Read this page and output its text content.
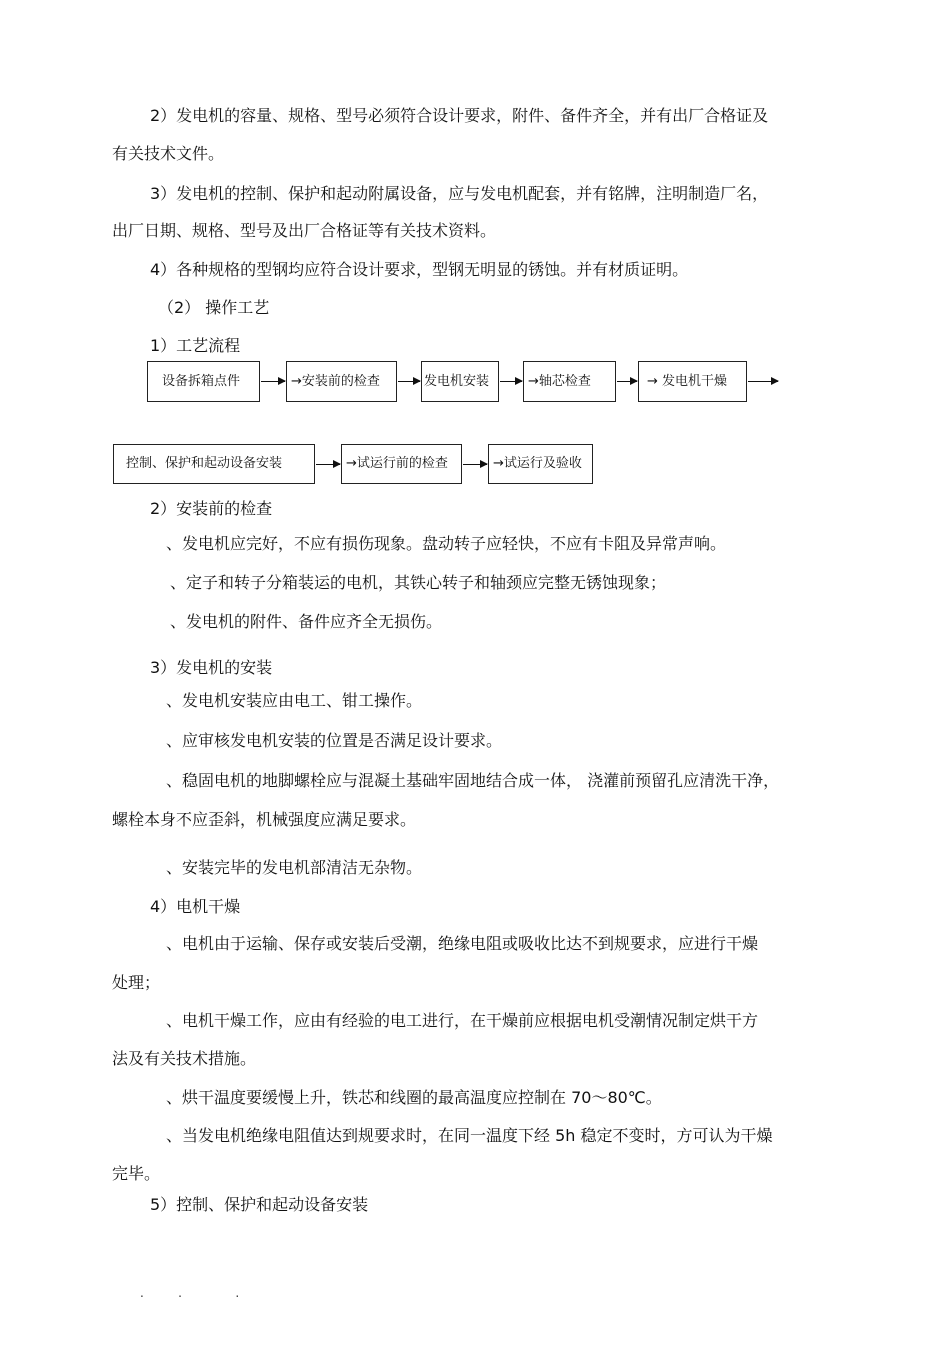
2）发电机的容量、规格、型号必须符合设计要求，附件、备件齐全，并有出厂合格证及
有关技术文件。
3）发电机的控制、保护和起动附属设备，应与发电机配套，并有铭牌，注明制造厂名，
出厂日期、规格、型号及出厂合格证等有关技术资料。
4）各种规格的型钢均应符合设计要求，型钢无明显的锈蚀。并有材质证明。
（2） 操作工艺
1）工艺流程
设备拆箱点件	→安装前的检查	发电机安装	→轴芯检查	→ 发电机干燥
控制、保护和起动设备安装	→试运行前的检查	→试运行及验收
2）安装前的检查
、发电机应完好，不应有损伤现象。盘动转子应轻快，不应有卡阻及异常声响。
、定子和转子分箱装运的电机，其铁心转子和轴颈应完整无锈蚀现象；
、发电机的附件、备件应齐全无损伤。
3）发电机的安装
、发电机安装应由电工、钳工操作。
、应审核发电机安装的位置是否满足设计要求。
、稳固电机的地脚螺栓应与混凝土基础牢固地结合成一体， 浇灌前预留孔应清洗干净，
螺栓本身不应歪斜，机械强度应满足要求。
、安装完毕的发电机部清洁无杂物。
4）电机干燥
、电机由于运输、保存或安装后受潮，绝缘电阻或吸收比达不到规要求，应进行干燥
处理；
、电机干燥工作，应由有经验的电工进行，在干燥前应根据电机受潮情况制定烘干方
法及有关技术措施。
、烘干温度要缓慢上升，铁芯和线圈的最高温度应控制在 70～80℃。
、当发电机绝缘电阻值达到规要求时，在同一温度下经 5h 稳定不变时，方可认为干燥
完毕。
5）控制、保护和起动设备安装
.         .              .
